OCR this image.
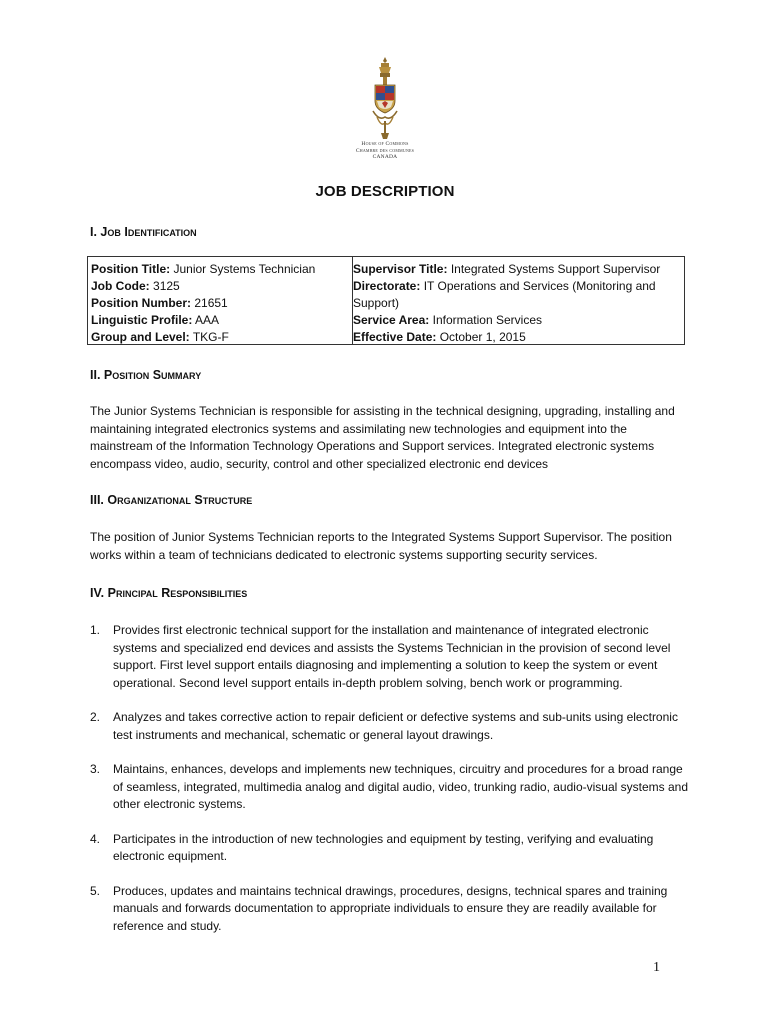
House of Commons
Chambre des communes
CANADA
JOB DESCRIPTION
I. Job Identification
Position Title: Junior Systems Technician
Job Code: 3125
Position Number: 21651
Linguistic Profile: AAA
Group and Level: TKG-F
Supervisor Title: Integrated Systems Support Supervisor
Directorate: IT Operations and Services (Monitoring and Support)
Service Area: Information Services
Effective Date: October 1, 2015
II. Position Summary
The Junior Systems Technician is responsible for assisting in the technical designing, upgrading, installing and maintaining integrated electronics systems and assimilating new technologies and equipment into the mainstream of the Information Technology Operations and Support services. Integrated electronic systems encompass video, audio, security, control and other specialized electronic end devices
III. Organizational Structure
The position of Junior Systems Technician reports to the Integrated Systems Support Supervisor. The position works within a team of technicians dedicated to electronic systems supporting security services.
IV. Principal Responsibilities
1. Provides first electronic technical support for the installation and maintenance of integrated electronic systems and specialized end devices and assists the Systems Technician in the provision of second level support. First level support entails diagnosing and implementing a solution to keep the system or event operational. Second level support entails in-depth problem solving, bench work or programming.
2. Analyzes and takes corrective action to repair deficient or defective systems and sub-units using electronic test instruments and mechanical, schematic or general layout drawings.
3. Maintains, enhances, develops and implements new techniques, circuitry and procedures for a broad range of seamless, integrated, multimedia analog and digital audio, video, trunking radio, audio-visual systems and other electronic systems.
4. Participates in the introduction of new technologies and equipment by testing, verifying and evaluating electronic equipment.
5. Produces, updates and maintains technical drawings, procedures, designs, technical spares and training manuals and forwards documentation to appropriate individuals to ensure they are readily available for reference and study.
1
